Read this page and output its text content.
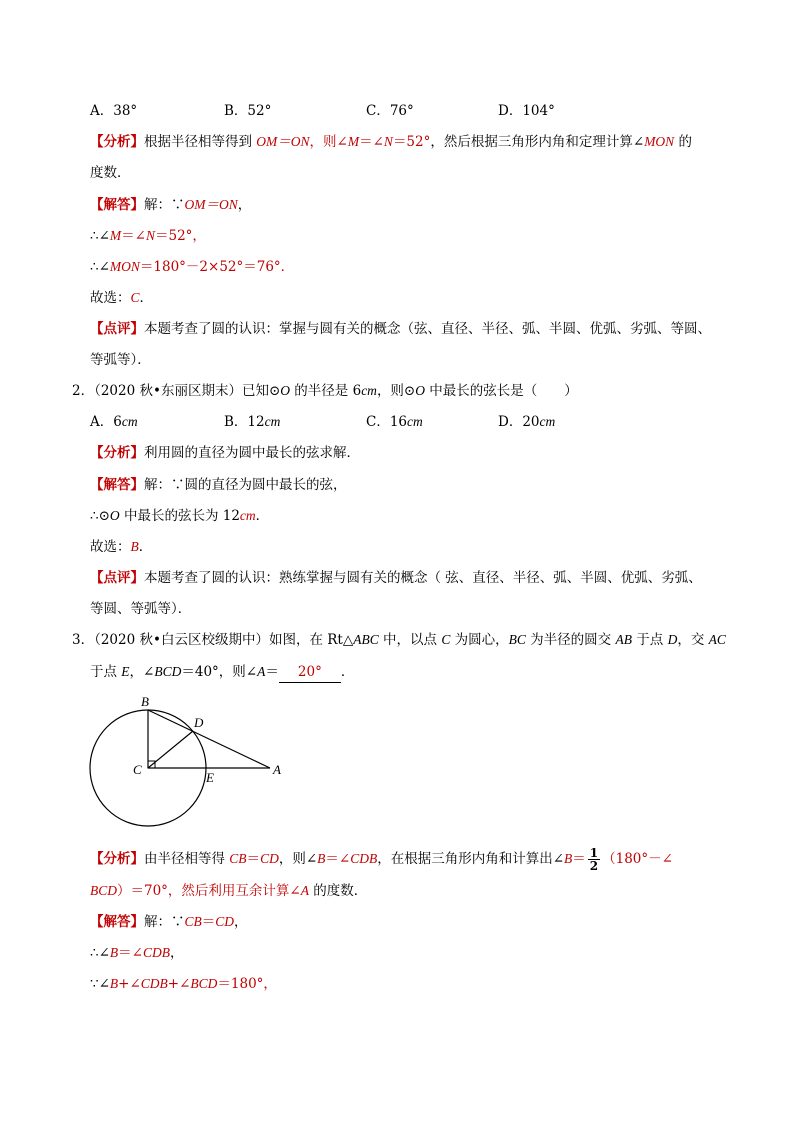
A．38°	B．52°	C．76°	D．104°
【分析】根据半径相等得到 OM＝ON，则∠M＝∠N＝52°，然后根据三角形内角和定理计算∠MON 的
度数．
【解答】解：∵OM＝ON，
∴∠M＝∠N＝52°，
∴∠MON＝180°－2×52°＝76°．
故选：C．
【点评】本题考查了圆的认识：掌握与圆有关的概念（弦、直径、半径、弧、半圆、优弧、劣弧、等圆、
等弧等）．
2．（2020 秋•东丽区期末）已知⊙O 的半径是 6cm，则⊙O 中最长的弦长是（　　）
A．6cm	B．12cm	C．16cm	D．20cm
【分析】利用圆的直径为圆中最长的弦求解．
【解答】解：∵圆的直径为圆中最长的弦，
∴⊙O 中最长的弦长为 12cm．
故选：B．
【点评】本题考查了圆的认识：熟练掌握与圆有关的概念（ 弦、直径、半径、弧、半圆、优弧、劣弧、
等圆、等弧等）．
3．（2020 秋•白云区校级期中）如图，在 Rt△ABC 中，以点 C 为圆心，BC 为半径的圆交 AB 于点 D，交 AC
于点 E，∠BCD＝40°，则∠A＝ 20° ．
B
D
C
E
A
【分析】由半径相等得 CB＝CD，则∠B＝∠CDB，在根据三角形内角和计算出∠B＝ $\frac{1}{2}$ （180°－∠
BCD）＝70°，然后利用互余计算∠A 的度数．
【解答】解：∵CB＝CD，
∴∠B＝∠CDB，
∵∠B+∠CDB+∠BCD＝180°，
